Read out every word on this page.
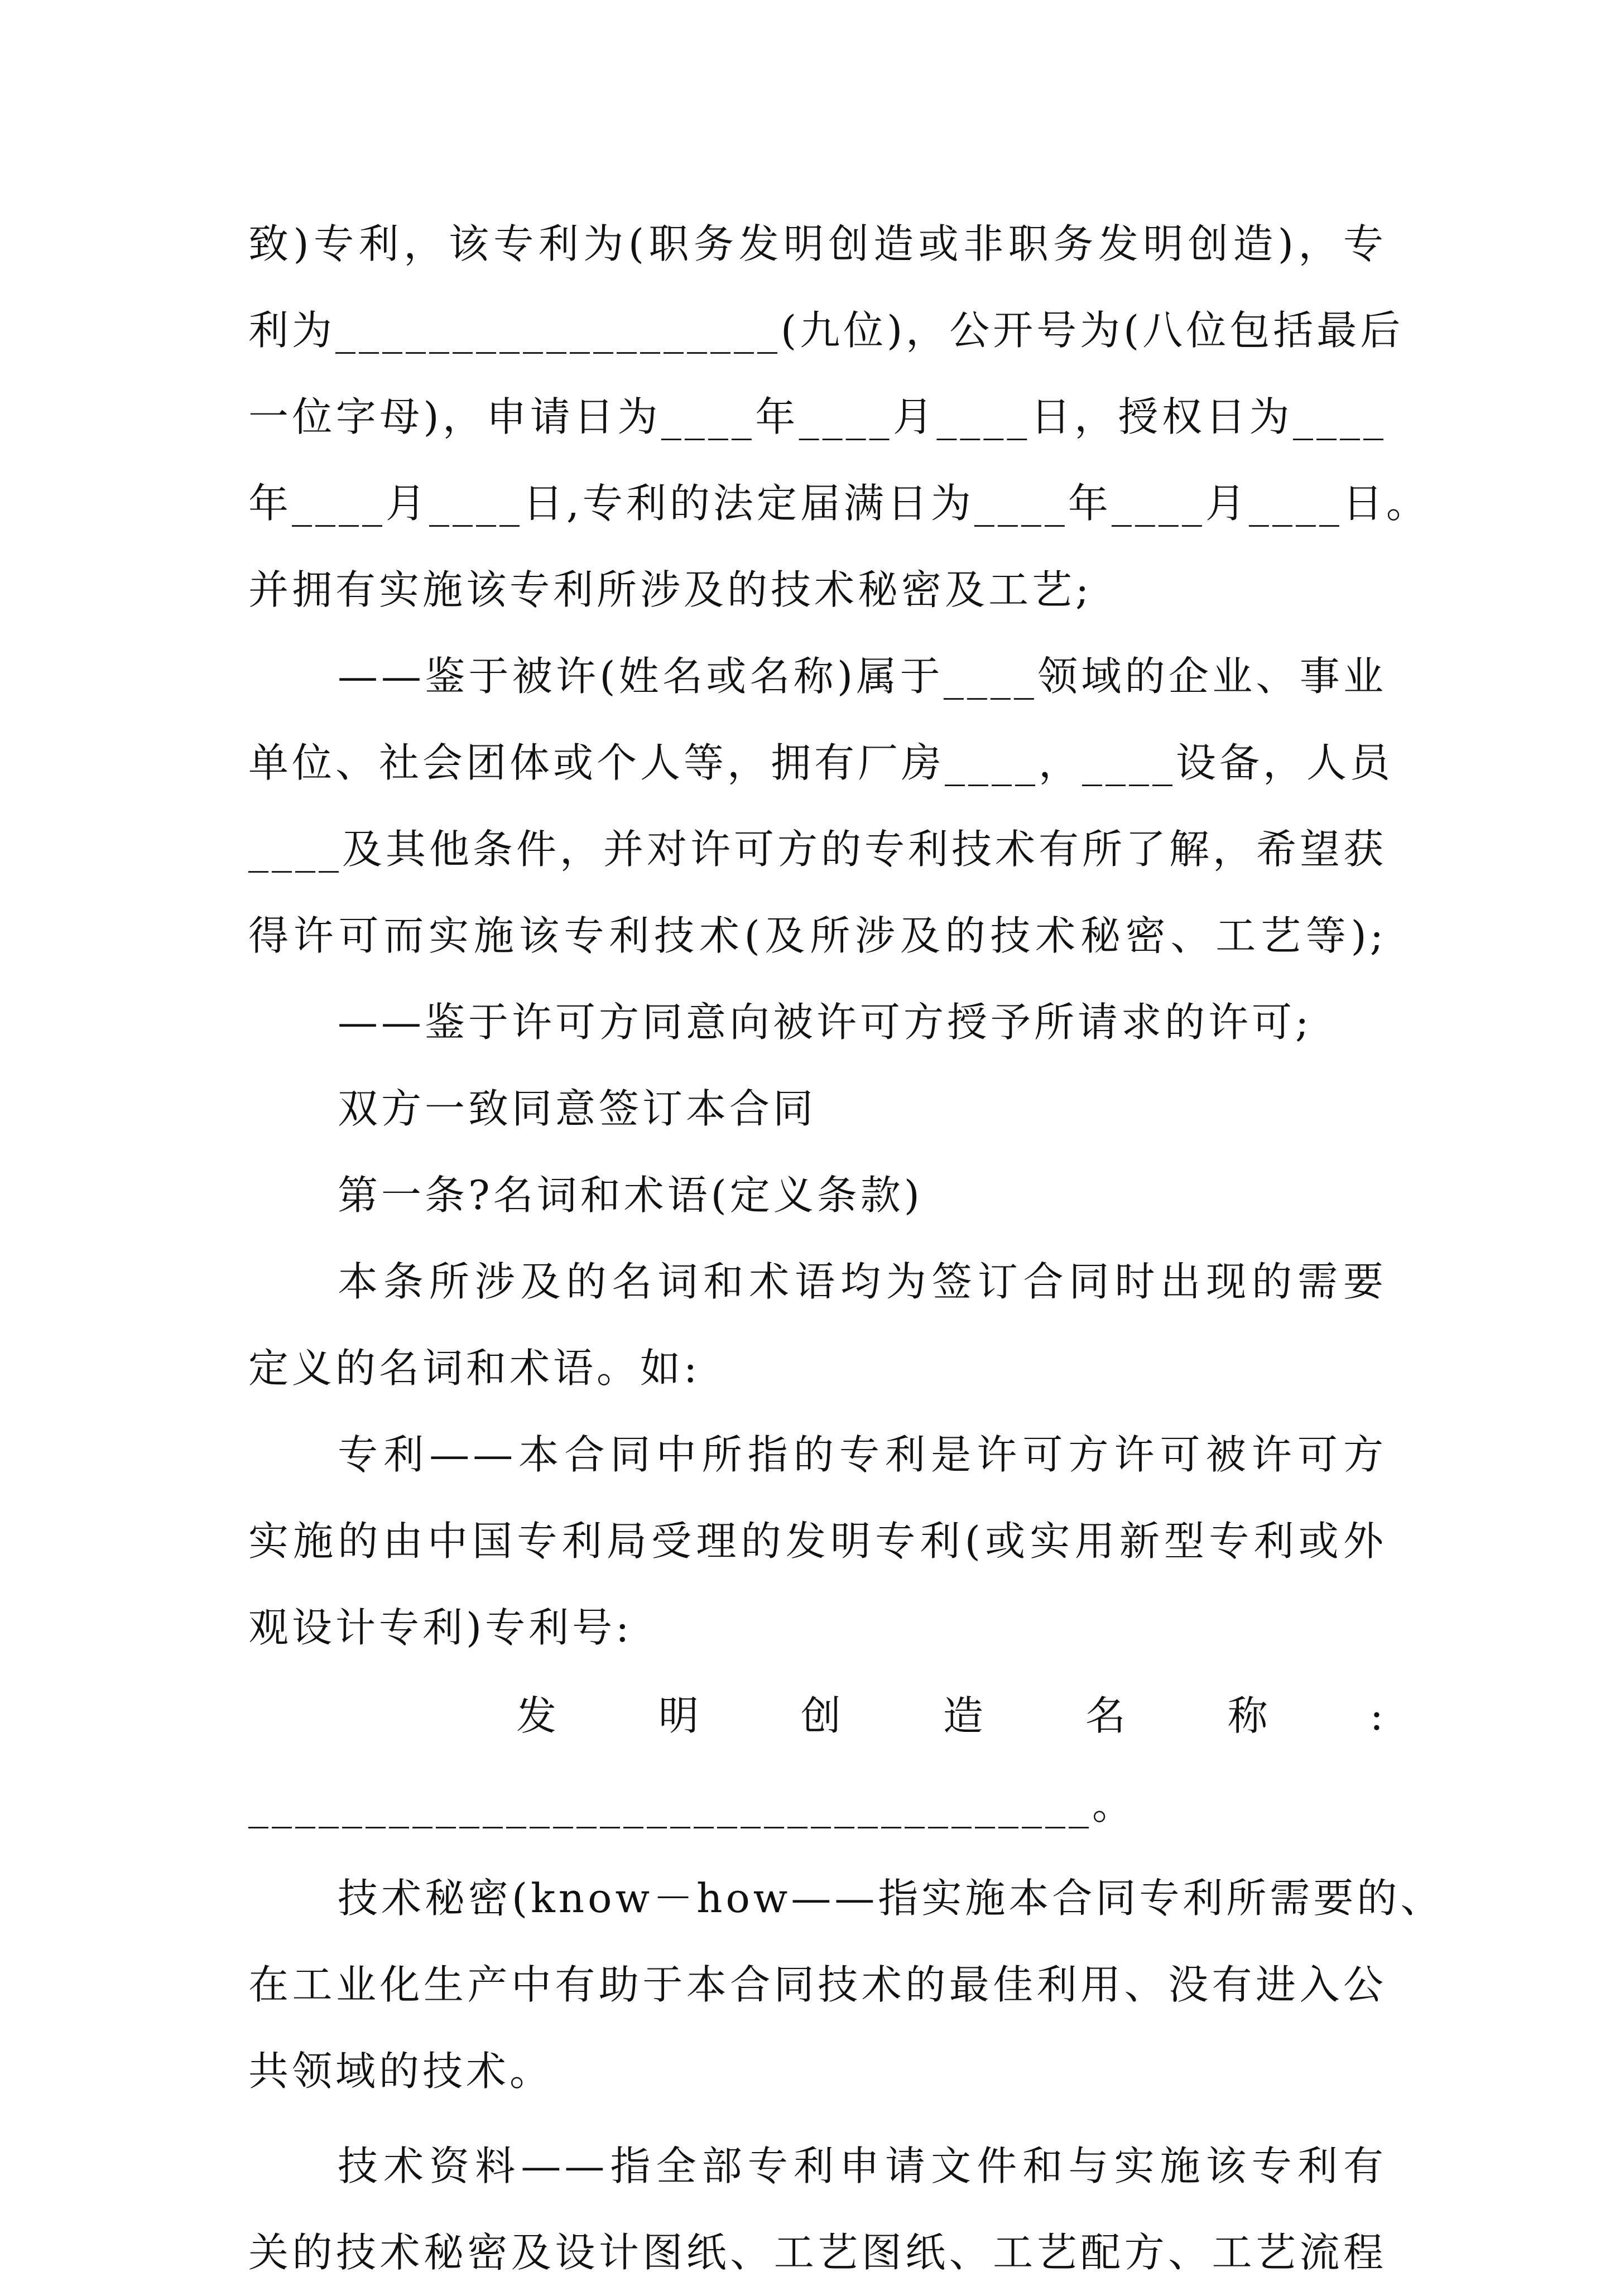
致)专利，该专利为(职务发明创造或非职务发明创造)，专
利为___________________(九位)，公开号为(八位包括最后
一位字母)，申请日为____年____月____日，授权日为____
年____月____日,专利的法定届满日为____年____月____日。
并拥有实施该专利所涉及的技术秘密及工艺;
——鉴于被许(姓名或名称)属于____领域的企业、事业
单位、社会团体或个人等，拥有厂房____，____设备，人员
____及其他条件，并对许可方的专利技术有所了解，希望获
得许可而实施该专利技术(及所涉及的技术秘密、工艺等);
——鉴于许可方同意向被许可方授予所请求的许可;
双方一致同意签订本合同
第一条?名词和术语(定义条款)
本条所涉及的名词和术语均为签订合同时出现的需要
定义的名词和术语。如:
专利——本合同中所指的专利是许可方许可被许可方
实施的由中国专利局受理的发明专利(或实用新型专利或外
观设计专利)专利号:
发 明 创 造 名 称 :
____________________________________。
技术秘密(know－how——指实施本合同专利所需要的、
在工业化生产中有助于本合同技术的最佳利用、没有进入公
共领域的技术。
技术资料——指全部专利申请文件和与实施该专利有
关的技术秘密及设计图纸、工艺图纸、工艺配方、工艺流程
